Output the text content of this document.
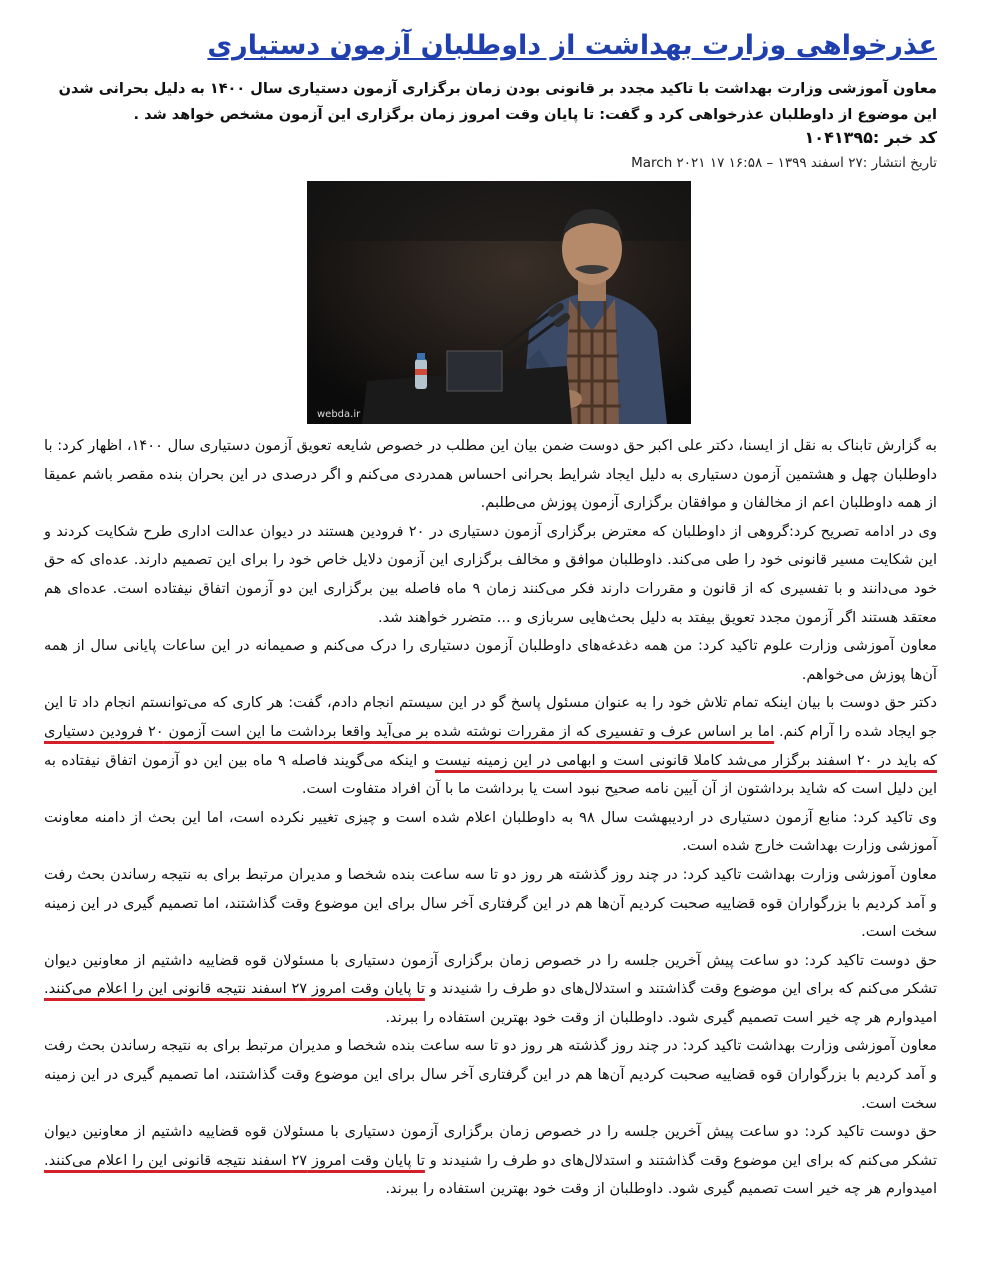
عذرخواهی وزارت بهداشت از داوطلبان آزمون دستیاری

معاون آموزشی وزارت بهداشت با تاکید مجدد بر قانونی بودن زمان برگزاری آزمون دستیاری سال ۱۴۰۰ به دلیل بحرانی شدن این موضوع از داوطلبان عذرخواهی کرد و گفت: تا پایان وقت امروز زمان برگزاری این آزمون مشخص خواهد شد .

کد خبر :۱۰۴۱۳۹۵

تاریخ انتشار :۲۷ اسفند ۱۳۹۹ – ۱۶:۵۸ ۱۷ March ۲۰۲۱

webda.ir

به گزارش تابناک به نقل از ایسنا، دکتر علی اکبر حق دوست ضمن بیان این مطلب در خصوص شایعه تعویق آزمون دستیاری سال ۱۴۰۰، اظهار کرد: با داوطلبان چهل و هشتمین آزمون دستیاری به دلیل ایجاد شرایط بحرانی احساس همدردی می‌کنم و اگر درصدی در این بحران بنده مقصر باشم عمیقا از همه داوطلبان اعم از مخالفان و موافقان برگزاری آزمون پوزش می‌طلبم.

وی در ادامه تصریح کرد:گروهی از داوطلبان که معترض برگزاری آزمون دستیاری در ۲۰ فرودین هستند در دیوان عدالت اداری طرح شکایت کردند و این شکایت مسیر قانونی خود را طی می‌کند. داوطلبان موافق و مخالف برگزاری این آزمون دلایل خاص خود را برای این تصمیم دارند. عده‌ای که حق خود می‌دانند و با تفسیری که از قانون و مقررات دارند فکر می‌کنند زمان ۹ ماه فاصله بین برگزاری این دو آزمون اتفاق نیفتاده است. عده‌ای هم معتقد هستند اگر آزمون مجدد تعویق بیفتد به دلیل بحث‌هایی سربازی و ... متضرر خواهند شد.

معاون آموزشی وزارت علوم تاکید کرد: من همه دغدغه‌های داوطلبان آزمون دستیاری را درک می‌کنم و صمیمانه در این ساعات پایانی سال از همه آن‌ها پوزش می‌خواهم.

دکتر حق دوست با بیان اینکه تمام تلاش خود را به عنوان مسئول پاسخ گو در این سیستم انجام دادم، گفت: هر کاری که می‌توانستم انجام داد تا این جو ایجاد شده را آرام کنم. اما بر اساس عرف و تفسیری که از مقررات نوشته شده بر می‌آید واقعا برداشت ما این است آزمون ۲۰ فرودین دستیاری که باید در ۲۰ اسفند برگزار می‌شد کاملا قانونی است و ابهامی در این زمینه نیست و اینکه می‌گویند فاصله ۹ ماه بین این دو آزمون اتفاق نیفتاده به این دلیل است که شاید برداشتون از آن آیین نامه صحیح نبود است یا برداشت ما با آن افراد متفاوت است.

وی تاکید کرد: منابع آزمون دستیاری در اردیبهشت سال ۹۸ به داوطلبان اعلام شده است و چیزی تغییر نکرده است، اما این بحث از دامنه معاونت آموزشی وزارت بهداشت خارج شده است.

معاون آموزشی وزارت بهداشت تاکید کرد: در چند روز گذشته هر روز دو تا سه ساعت بنده شخصا و مدیران مرتبط برای به نتیجه رساندن بحث رفت و آمد کردیم با بزرگواران قوه قضاییه صحبت کردیم آن‌ها هم در این گرفتاری آخر سال برای این موضوع وقت گذاشتند، اما تصمیم گیری در این زمینه سخت است.

حق دوست تاکید کرد: دو ساعت پیش آخرین جلسه را در خصوص زمان برگزاری آزمون دستیاری با مسئولان قوه قضاییه داشتیم از معاونین دیوان تشکر می‌کنم که برای این موضوع وقت گذاشتند و استدلال‌های دو طرف را شنیدند و تا پایان وقت امروز ۲۷ اسفند نتیجه قانونی این را اعلام می‌کنند. امیدوارم هر چه خیر است تصمیم گیری شود. داوطلبان از وقت خود بهترین استفاده را ببرند.

معاون آموزشی وزارت بهداشت تاکید کرد: در چند روز گذشته هر روز دو تا سه ساعت بنده شخصا و مدیران مرتبط برای به نتیجه رساندن بحث رفت و آمد کردیم با بزرگواران قوه قضاییه صحبت کردیم آن‌ها هم در این گرفتاری آخر سال برای این موضوع وقت گذاشتند، اما تصمیم گیری در این زمینه سخت است.

حق دوست تاکید کرد: دو ساعت پیش آخرین جلسه را در خصوص زمان برگزاری آزمون دستیاری با مسئولان قوه قضاییه داشتیم از معاونین دیوان تشکر می‌کنم که برای این موضوع وقت گذاشتند و استدلال‌های دو طرف را شنیدند و تا پایان وقت امروز ۲۷ اسفند نتیجه قانونی این را اعلام می‌کنند. امیدوارم هر چه خیر است تصمیم گیری شود. داوطلبان از وقت خود بهترین استفاده را ببرند.
